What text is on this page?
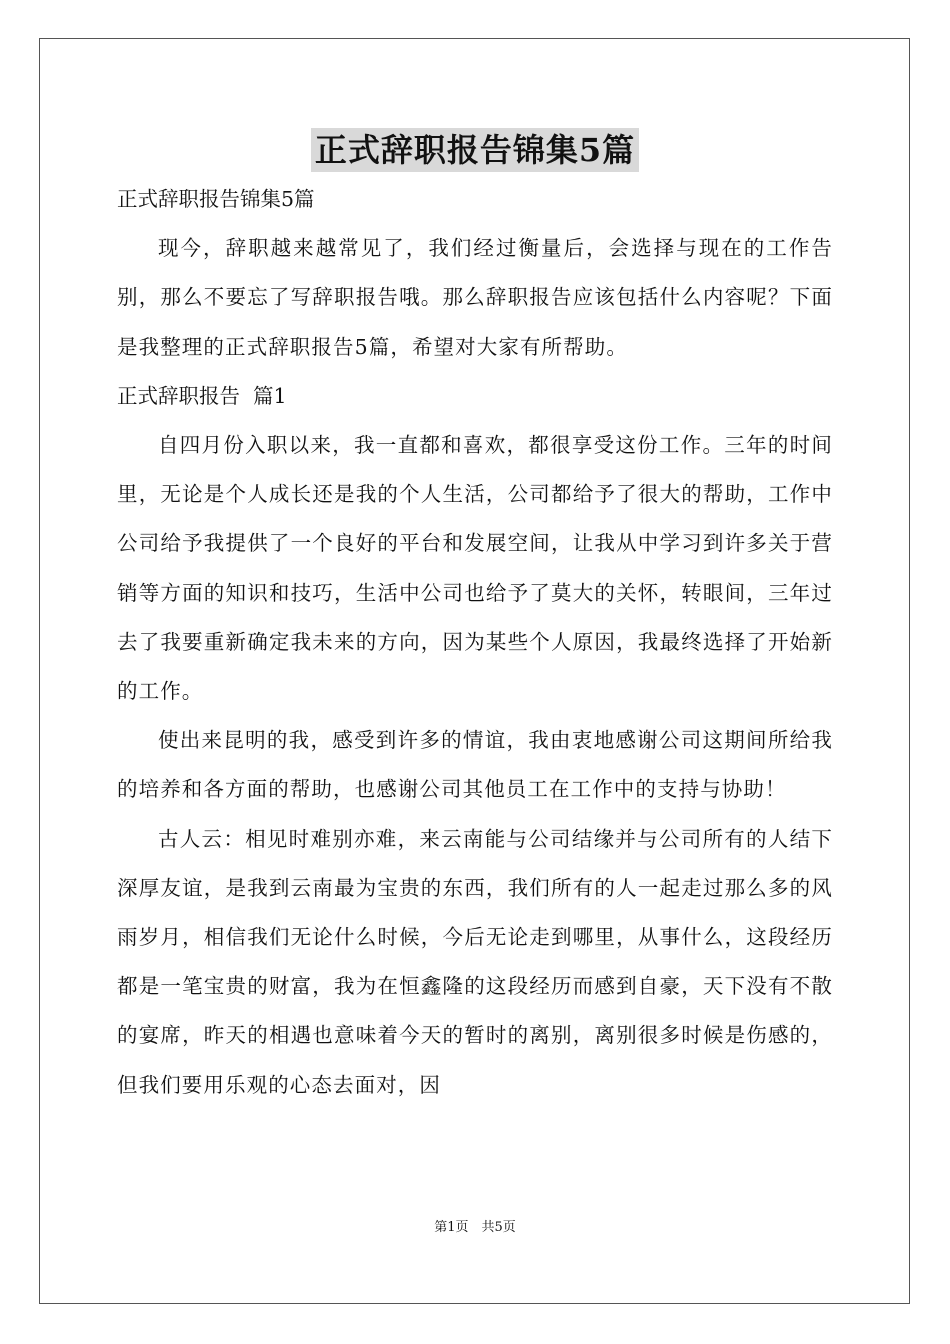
正式辞职报告锦集5篇

正式辞职报告锦集5篇

现今，辞职越来越常见了，我们经过衡量后，会选择与现在的工作告别，那么不要忘了写辞职报告哦。那么辞职报告应该包括什么内容呢？下面是我整理的正式辞职报告5篇，希望对大家有所帮助。

正式辞职报告  篇1

自四月份入职以来，我一直都和喜欢，都很享受这份工作。三年的时间里，无论是个人成长还是我的个人生活，公司都给予了很大的帮助，工作中公司给予我提供了一个良好的平台和发展空间，让我从中学习到许多关于营销等方面的知识和技巧，生活中公司也给予了莫大的关怀，转眼间，三年过去了我要重新确定我未来的方向，因为某些个人原因，我最终选择了开始新的工作。

使出来昆明的我，感受到许多的情谊，我由衷地感谢公司这期间所给我的培养和各方面的帮助，也感谢公司其他员工在工作中的支持与协助！

古人云：相见时难别亦难，来云南能与公司结缘并与公司所有的人结下深厚友谊，是我到云南最为宝贵的东西，我们所有的人一起走过那么多的风雨岁月，相信我们无论什么时候，今后无论走到哪里，从事什么，这段经历都是一笔宝贵的财富，我为在恒鑫隆的这段经历而感到自豪，天下没有不散的宴席，昨天的相遇也意味着今天的暂时的离别，离别很多时候是伤感的，但我们要用乐观的心态去面对，因

第1页　共5页
